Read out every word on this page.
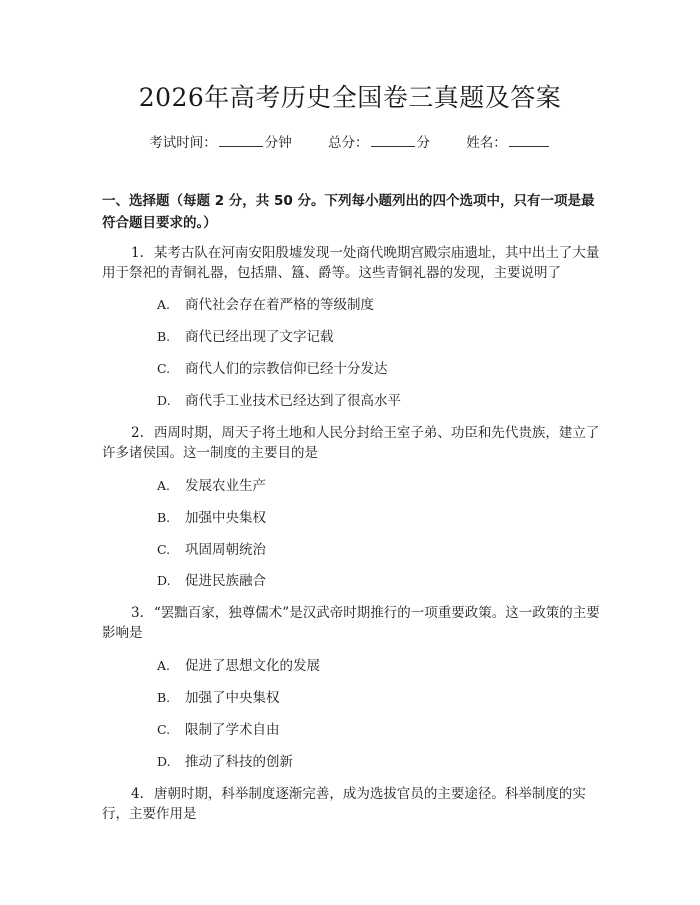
2026年高考历史全国卷三真题及答案
考试时间：	分钟	总分：	分	姓名：

一、选择题（每题 2 分，共 50 分。下列每小题列出的四个选项中，只有一项是最符合题目要求的。）

1. 某考古队在河南安阳殷墟发现一处商代晚期宫殿宗庙遗址，其中出土了大量用于祭祀的青铜礼器，包括鼎、簋、爵等。这些青铜礼器的发现，主要说明了

A. 商代社会存在着严格的等级制度
B. 商代已经出现了文字记载
C. 商代人们的宗教信仰已经十分发达
D. 商代手工业技术已经达到了很高水平

2. 西周时期，周天子将土地和人民分封给王室子弟、功臣和先代贵族，建立了许多诸侯国。这一制度的主要目的是

A. 发展农业生产
B. 加强中央集权
C. 巩固周朝统治
D. 促进民族融合

3. “罢黜百家，独尊儒术”是汉武帝时期推行的一项重要政策。这一政策的主要影响是

A. 促进了思想文化的发展
B. 加强了中央集权
C. 限制了学术自由
D. 推动了科技的创新

4. 唐朝时期，科举制度逐渐完善，成为选拔官员的主要途径。科举制度的实行，主要作用是
